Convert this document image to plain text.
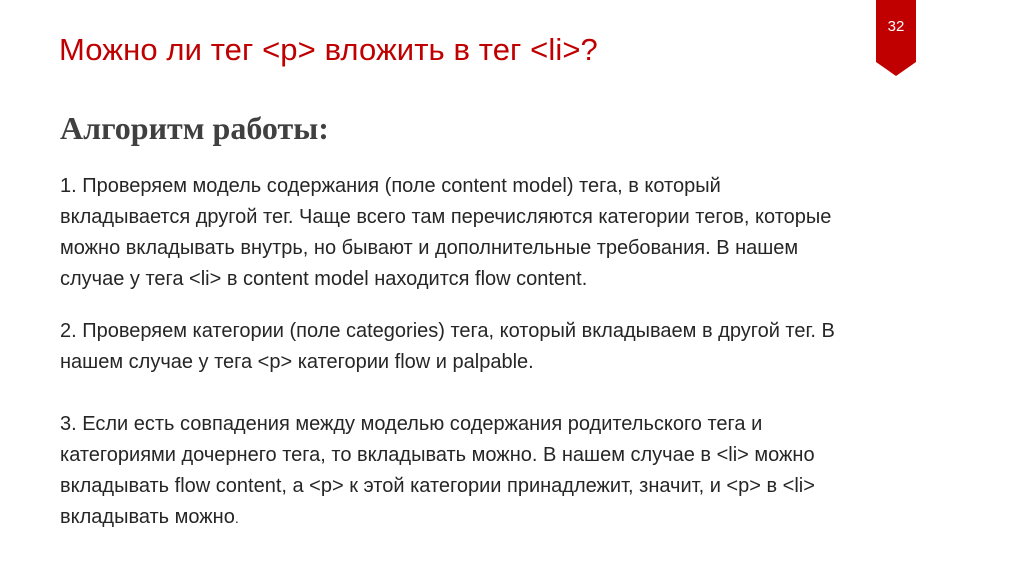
Можно ли тег <p> вложить в тег <li>?
32
Алгоритм работы:

1. Проверяем модель содержания (поле content model) тега, в который
вкладывается другой тег. Чаще всего там перечисляются категории тегов, которые
можно вкладывать внутрь, но бывают и дополнительные требования. В нашем
случае у тега <li> в content model находится flow content.

2. Проверяем категории (поле categories) тега, который вкладываем в другой тег. В
нашем случае у тега <p> категории flow и palpable.

3. Если есть совпадения между моделью содержания родительского тега и
категориями дочернего тега, то вкладывать можно. В нашем случае в <li> можно
вкладывать flow content, а <p> к этой категории принадлежит, значит, и <p> в <li>
вкладывать можно.
